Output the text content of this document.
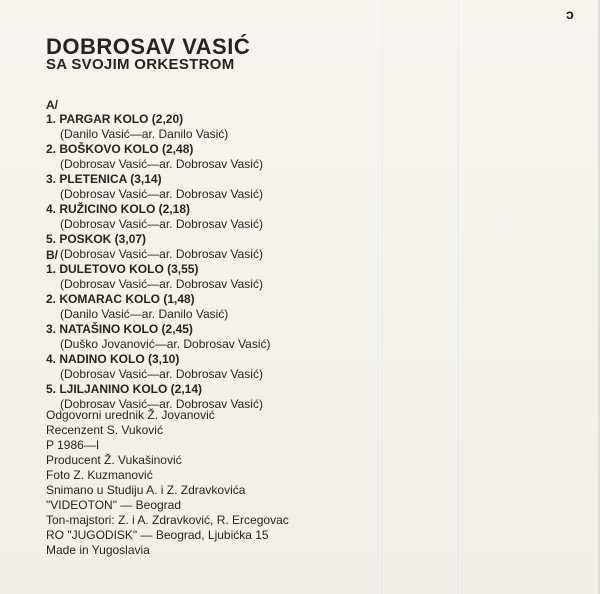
ɔ
DOBROSAV VASIĆ
SA SVOJIM ORKESTROM
A/
1. PARGAR KOLO (2,20)
(Danilo Vasić—ar. Danilo Vasić)
2. BOŠKOVO KOLO (2,48)
(Dobrosav Vasić—ar. Dobrosav Vasić)
3. PLETENICA (3,14)
(Dobrosav Vasić—ar. Dobrosav Vasić)
4. RUŽICINO KOLO (2,18)
(Dobrosav Vasić—ar. Dobrosav Vasić)
5. POSKOK (3,07)
(Dobrosav Vasić—ar. Dobrosav Vasić)
B/
1. DULETOVO KOLO (3,55)
(Dobrosav Vasić—ar. Dobrosav Vasić)
2. KOMARAC KOLO (1,48)
(Danilo Vasić—ar. Danilo Vasić)
3. NATAŠINO KOLO (2,45)
(Duško Jovanović—ar. Dobrosav Vasić)
4. NADINO KOLO (3,10)
(Dobrosav Vasić—ar. Dobrosav Vasić)
5. LJILJANINO KOLO (2,14)
(Dobrosav Vasić—ar. Dobrosav Vasić)
Odgovorni urednik Ž. Jovanović
Recenzent S. Vuković
P 1986—I
Producent Ž. Vukašinović
Foto Z. Kuzmanović
Snimano u Studiju A. i Z. Zdravkovića
"VIDEOTON" — Beograd
Ton-majstori: Z. i A. Zdravković, R. Ercegovac
RO "JUGODISK" — Beograd, Ljubićka 15
Made in Yugoslavia
